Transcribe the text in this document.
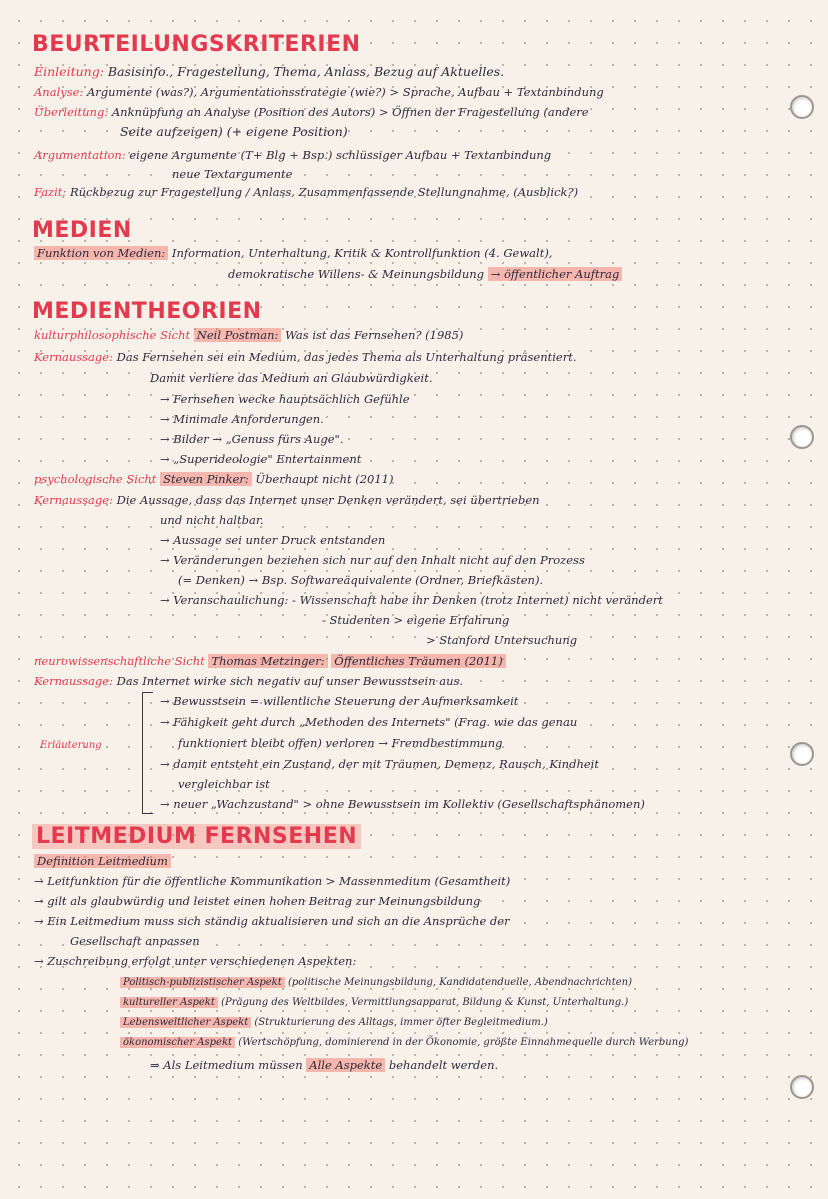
BEURTEILUNGSKRITERIEN
Einleitung: Basisinfo., Fragestellung, Thema, Anlass, Bezug auf Aktuelles.
Analyse: Argumente (was?), Argumentationsstrategie (wie?) > Sprache, Aufbau + Textanbindung
Überleitung: Anknüpfung an Analyse (Position des Autors) > Öffnen der Fragestellung (andere
Seite aufzeigen) (+ eigene Position)
Argumentation: eigene Argumente (T+ Blg + Bsp.) schlüssiger Aufbau + Textanbindung
neue Textargumente
Fazit: Rückbezug zur Fragestellung / Anlass, Zusammenfassende Stellungnahme, (Ausblick?)
MEDIEN
Funktion von Medien: Information, Unterhaltung, Kritik & Kontrollfunktion (4. Gewalt),
demokratische Willens- & Meinungsbildung → öffentlicher Auftrag
MEDIENTHEORIEN
kulturphilosophische Sicht Neil Postman: Was ist das Fernsehen? (1985)
Kernaussage: Das Fernsehen sei ein Medium, das jedes Thema als Unterhaltung präsentiert.
Damit verliere das Medium an Glaubwürdigkeit.
→ Fernsehen wecke hauptsächlich Gefühle
→ Minimale Anforderungen.
→ Bilder → „Genuss fürs Auge".
→ „Superideologie" Entertainment
psychologische Sicht Steven Pinker: Überhaupt nicht (2011)
Kernaussage: Die Aussage, dass das Internet unser Denken verändert, sei übertrieben
und nicht haltbar.
→ Aussage sei unter Druck entstanden
→ Veränderungen beziehen sich nur auf den Inhalt nicht auf den Prozess
(= Denken) → Bsp. Softwareäquivalente (Ordner, Briefkästen).
→ Veranschaulichung: - Wissenschaft habe ihr Denken (trotz Internet) nicht verändert
- Studenten > eigene Erfahrung
> Stanford Untersuchung
neurowissenschaftliche Sicht Thomas Metzinger: Öffentliches Träumen (2011)
Kernaussage: Das Internet wirke sich negativ auf unser Bewusstsein aus.
Erläuterung
→ Bewusstsein = willentliche Steuerung der Aufmerksamkeit
→ Fähigkeit geht durch „Methoden des Internets" (Frag. wie das genau
funktioniert bleibt offen) verloren → Fremdbestimmung
→ damit entsteht ein Zustand, der mit Träumen, Demenz, Rausch, Kindheit
vergleichbar ist
→ neuer „Wachzustand" > ohne Bewusstsein im Kollektiv (Gesellschaftsphänomen)
LEITMEDIUM FERNSEHEN
Definition Leitmedium
→ Leitfunktion für die öffentliche Kommunikation > Massenmedium (Gesamtheit)
→ gilt als glaubwürdig und leistet einen hohen Beitrag zur Meinungsbildung
→ Ein Leitmedium muss sich ständig aktualisieren und sich an die Ansprüche der
Gesellschaft anpassen
→ Zuschreibung erfolgt unter verschiedenen Aspekten:
Politisch-publizistischer Aspekt (politische Meinungsbildung, Kandidatenduelle, Abendnachrichten)
kultureller Aspekt (Prägung des Weltbildes, Vermittlungsapparat, Bildung & Kunst, Unterhaltung.)
Lebensweltlicher Aspekt (Strukturierung des Alltags, immer öfter Begleitmedium.)
ökonomischer Aspekt (Wertschöpfung, dominierend in der Ökonomie, größte Einnahmequelle durch Werbung)
⇒ Als Leitmedium müssen Alle Aspekte behandelt werden.
